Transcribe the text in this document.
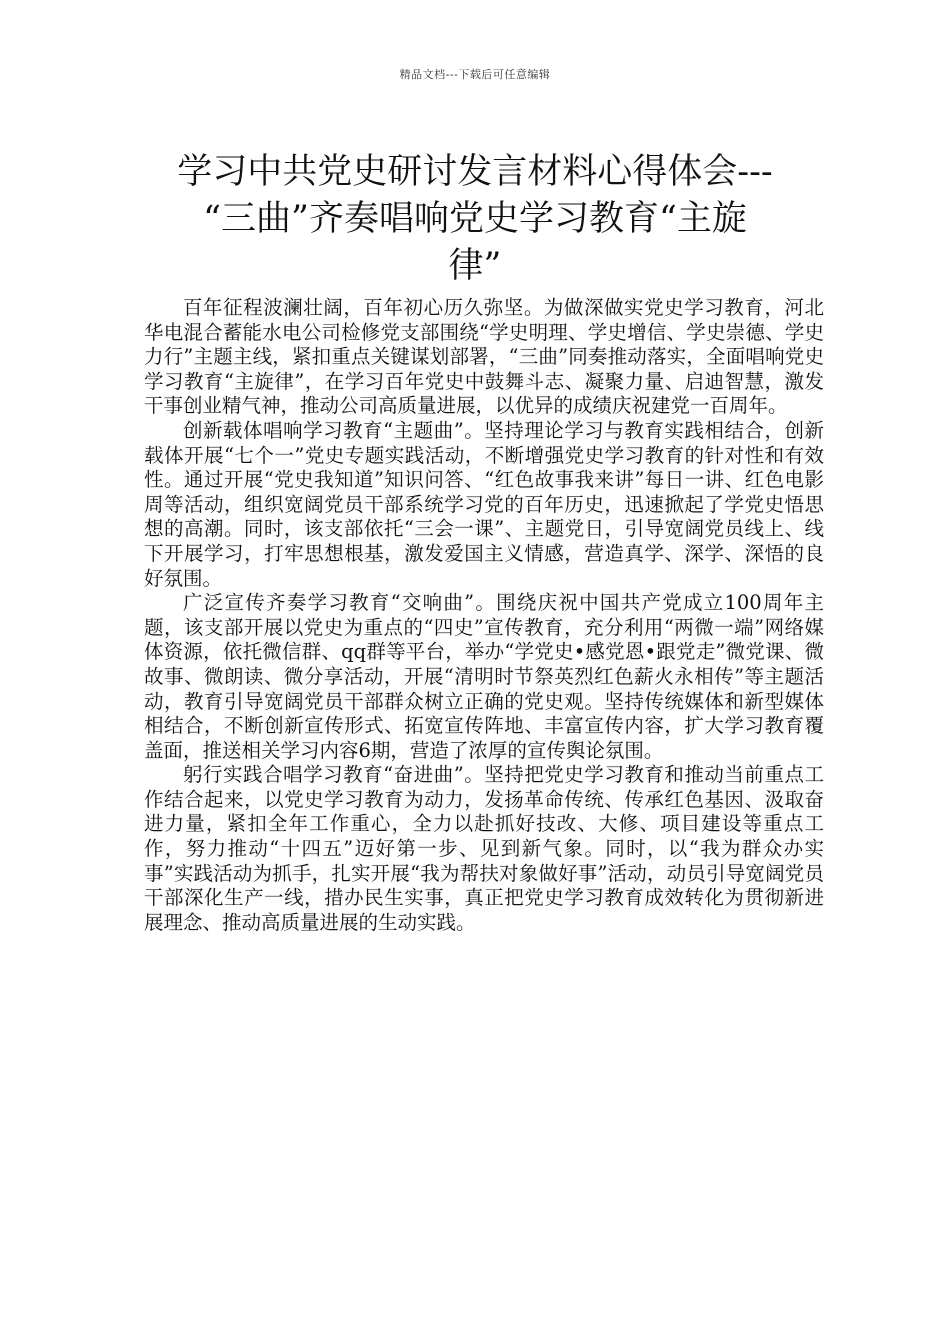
精品文档---下载后可任意编辑
学习中共党史研讨发言材料心得体会---
“三曲”齐奏唱响党史学习教育“主旋
律”

百年征程波澜壮阔，百年初心历久弥坚。为做深做实党史学习教育，河北华电混合蓄能水电公司检修党支部围绕“学史明理、学史增信、学史崇德、学史力行”主题主线，紧扣重点关键谋划部署，“三曲”同奏推动落实，全面唱响党史学习教育“主旋律”，在学习百年党史中鼓舞斗志、凝聚力量、启迪智慧，激发干事创业精气神，推动公司高质量进展，以优异的成绩庆祝建党一百周年。

创新载体唱响学习教育“主题曲”。坚持理论学习与教育实践相结合，创新载体开展“七个一”党史专题实践活动，不断增强党史学习教育的针对性和有效性。通过开展“党史我知道”知识问答、“红色故事我来讲”每日一讲、红色电影周等活动，组织宽阔党员干部系统学习党的百年历史，迅速掀起了学党史悟思想的高潮。同时，该支部依托“三会一课”、主题党日，引导宽阔党员线上、线下开展学习，打牢思想根基，激发爱国主义情感，营造真学、深学、深悟的良好氛围。

广泛宣传齐奏学习教育“交响曲”。围绕庆祝中国共产党成立100周年主题，该支部开展以党史为重点的“四史”宣传教育，充分利用“两微一端”网络媒体资源，依托微信群、qq群等平台，举办“学党史•感党恩•跟党走”微党课、微故事、微朗读、微分享活动，开展“清明时节祭英烈红色薪火永相传”等主题活动，教育引导宽阔党员干部群众树立正确的党史观。坚持传统媒体和新型媒体相结合，不断创新宣传形式、拓宽宣传阵地、丰富宣传内容，扩大学习教育覆盖面，推送相关学习内容6期，营造了浓厚的宣传舆论氛围。

躬行实践合唱学习教育“奋进曲”。坚持把党史学习教育和推动当前重点工作结合起来，以党史学习教育为动力，发扬革命传统、传承红色基因、汲取奋进力量，紧扣全年工作重心，全力以赴抓好技改、大修、项目建设等重点工作，努力推动“十四五”迈好第一步、见到新气象。同时，以“我为群众办实事”实践活动为抓手，扎实开展“我为帮扶对象做好事”活动，动员引导宽阔党员干部深化生产一线，措办民生实事，真正把党史学习教育成效转化为贯彻新进展理念、推动高质量进展的生动实践。
